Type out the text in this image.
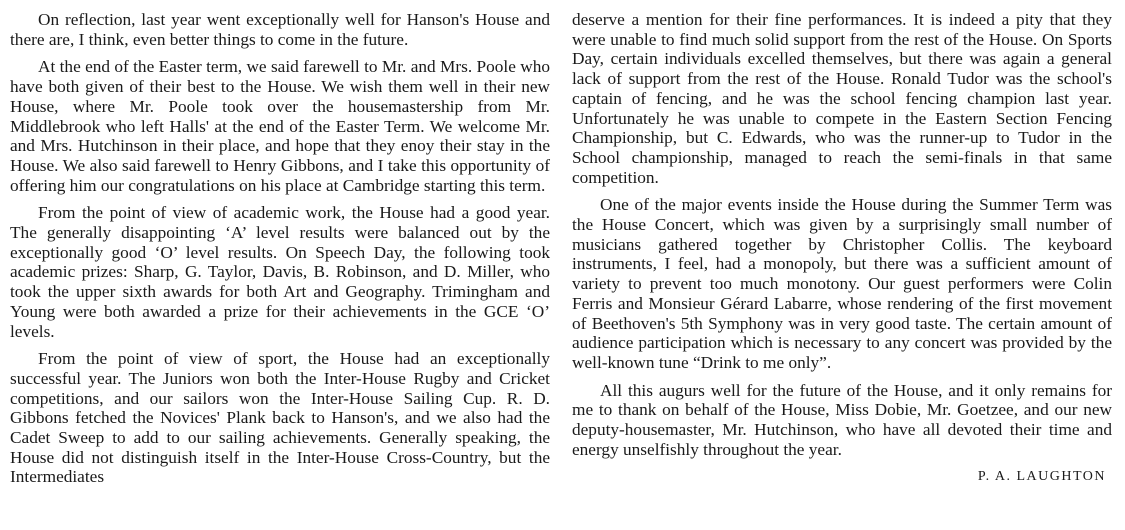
On reflection, last year went exceptionally well for Hanson's House and there are, I think, even better things to come in the future.

At the end of the Easter term, we said farewell to Mr. and Mrs. Poole who have both given of their best to the House. We wish them well in their new House, where Mr. Poole took over the housemastership from Mr. Middlebrook who left Halls' at the end of the Easter Term. We welcome Mr. and Mrs. Hutchinson in their place, and hope that they enoy their stay in the House. We also said farewell to Henry Gibbons, and I take this opportunity of offering him our congratulations on his place at Cambridge starting this term.

From the point of view of academic work, the House had a good year. The generally disappointing ‘A’ level results were balanced out by the exceptionally good ‘O’ level results. On Speech Day, the following took academic prizes: Sharp, G. Taylor, Davis, B. Robinson, and D. Miller, who took the upper sixth awards for both Art and Geography. Trimingham and Young were both awarded a prize for their achievements in the GCE ‘O’ levels.

From the point of view of sport, the House had an exceptionally successful year. The Juniors won both the Inter-House Rugby and Cricket competitions, and our sailors won the Inter-House Sailing Cup. R. D. Gibbons fetched the Novices' Plank back to Hanson's, and we also had the Cadet Sweep to add to our sailing achievements. Generally speaking, the House did not distinguish itself in the Inter-House Cross-Country, but the Intermediates

deserve a mention for their fine performances. It is indeed a pity that they were unable to find much solid support from the rest of the House. On Sports Day, certain individuals excelled themselves, but there was again a general lack of support from the rest of the House. Ronald Tudor was the school's captain of fencing, and he was the school fencing champion last year. Unfortunately he was unable to compete in the Eastern Section Fencing Championship, but C. Edwards, who was the runner-up to Tudor in the School championship, managed to reach the semi-finals in that same competition.

One of the major events inside the House during the Summer Term was the House Concert, which was given by a surprisingly small number of musicians gathered together by Christopher Collis. The keyboard instruments, I feel, had a monopoly, but there was a sufficient amount of variety to prevent too much monotony. Our guest performers were Colin Ferris and Monsieur Gérard Labarre, whose rendering of the first movement of Beethoven's 5th Symphony was in very good taste. The certain amount of audience participation which is necessary to any concert was provided by the well-known tune “Drink to me only”.

All this augurs well for the future of the House, and it only remains for me to thank on behalf of the House, Miss Dobie, Mr. Goetzee, and our new deputy-housemaster, Mr. Hutchinson, who have all devoted their time and energy unselfishly throughout the year.

P. A. LAUGHTON
